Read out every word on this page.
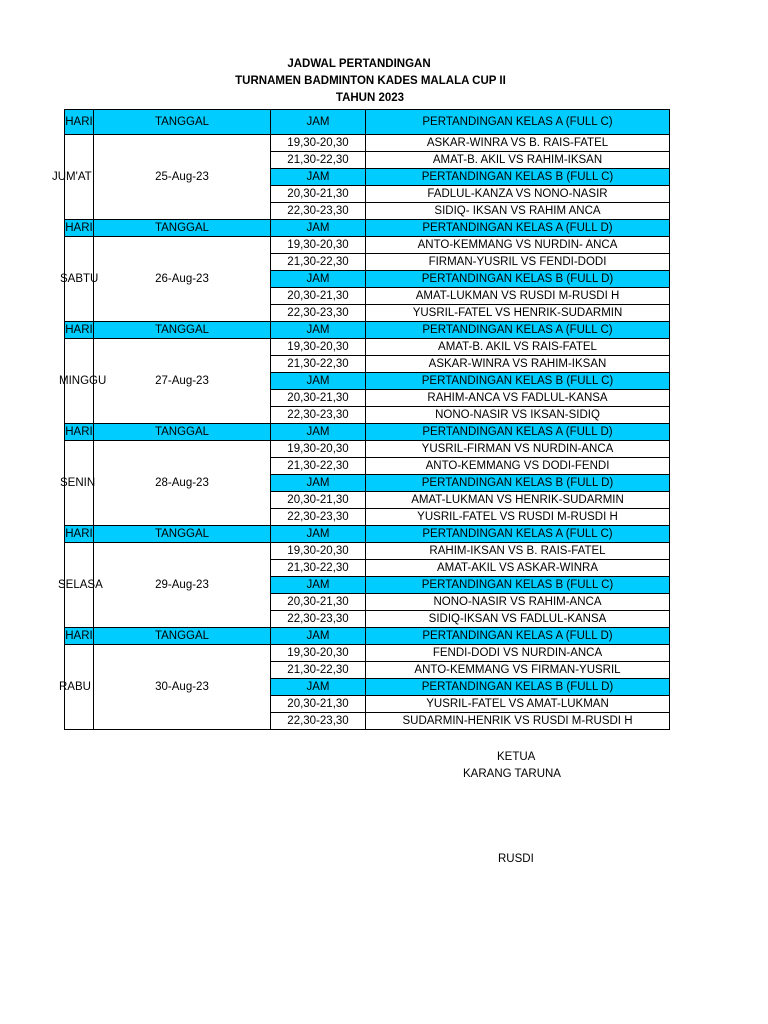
JADWAL PERTANDINGAN
TURNAMEN BADMINTON KADES MALALA CUP II
TAHUN 2023
HARI	TANGGAL	JAM	PERTANDINGAN KELAS A (FULL C)
JUM'AT	25-Aug-23	19,30-20,30	ASKAR-WINRA VS B. RAIS-FATEL
		21,30-22,30	AMAT-B. AKIL VS RAHIM-IKSAN
		JAM	PERTANDINGAN KELAS B (FULL C)
		20,30-21,30	FADLUL-KANZA VS NONO-NASIR
		22,30-23,30	SIDIQ- IKSAN VS RAHIM ANCA
HARI	TANGGAL	JAM	PERTANDINGAN KELAS A (FULL D)
SABTU	26-Aug-23	19,30-20,30	ANTO-KEMMANG VS NURDIN- ANCA
		21,30-22,30	FIRMAN-YUSRIL VS FENDI-DODI
		JAM	PERTANDINGAN KELAS B (FULL D)
		20,30-21,30	AMAT-LUKMAN VS RUSDI M-RUSDI H
		22,30-23,30	YUSRIL-FATEL VS HENRIK-SUDARMIN
HARI	TANGGAL	JAM	PERTANDINGAN KELAS A (FULL C)
MINGGU	27-Aug-23	19,30-20,30	AMAT-B. AKIL VS RAIS-FATEL
		21,30-22,30	ASKAR-WINRA VS RAHIM-IKSAN
		JAM	PERTANDINGAN KELAS B (FULL C)
		20,30-21,30	RAHIM-ANCA VS FADLUL-KANSA
		22,30-23,30	NONO-NASIR VS IKSAN-SIDIQ
HARI	TANGGAL	JAM	PERTANDINGAN KELAS A (FULL D)
SENIN	28-Aug-23	19,30-20,30	YUSRIL-FIRMAN VS NURDIN-ANCA
		21,30-22,30	ANTO-KEMMANG VS DODI-FENDI
		JAM	PERTANDINGAN KELAS B (FULL D)
		20,30-21,30	AMAT-LUKMAN VS HENRIK-SUDARMIN
		22,30-23,30	YUSRIL-FATEL VS RUSDI M-RUSDI H
HARI	TANGGAL	JAM	PERTANDINGAN KELAS A (FULL C)
SELASA	29-Aug-23	19,30-20,30	RAHIM-IKSAN VS B. RAIS-FATEL
		21,30-22,30	AMAT-AKIL VS ASKAR-WINRA
		JAM	PERTANDINGAN KELAS B (FULL C)
		20,30-21,30	NONO-NASIR VS RAHIM-ANCA
		22,30-23,30	SIDIQ-IKSAN VS FADLUL-KANSA
HARI	TANGGAL	JAM	PERTANDINGAN KELAS A (FULL D)
RABU	30-Aug-23	19,30-20,30	FENDI-DODI VS NURDIN-ANCA
		21,30-22,30	ANTO-KEMMANG VS FIRMAN-YUSRIL
		JAM	PERTANDINGAN KELAS B (FULL D)
		20,30-21,30	YUSRIL-FATEL VS AMAT-LUKMAN
		22,30-23,30	SUDARMIN-HENRIK VS RUSDI M-RUSDI H
KETUA
KARANG TARUNA
RUSDI
